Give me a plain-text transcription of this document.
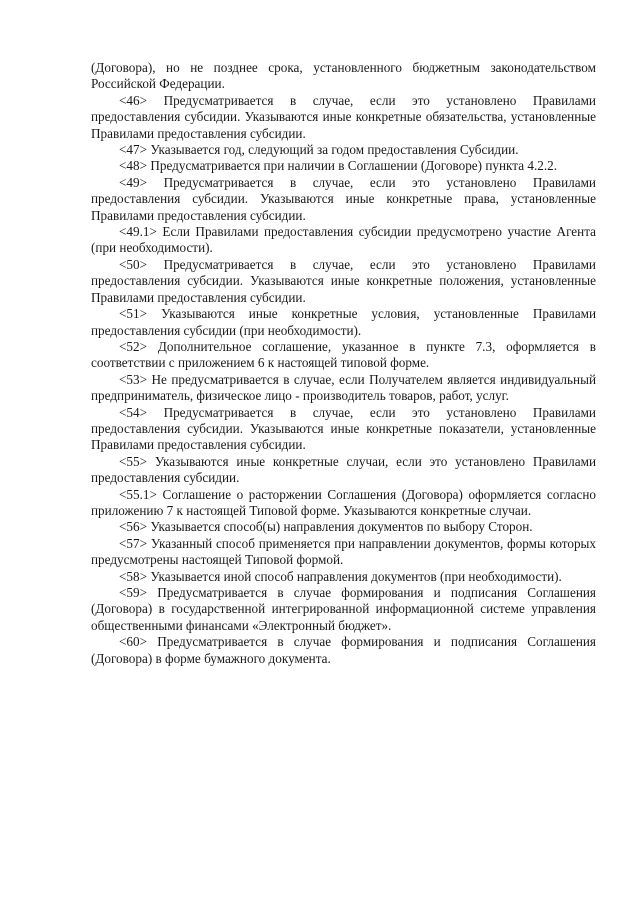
(Договора), но не позднее срока, установленного бюджетным законодательством Российской Федерации.

<46> Предусматривается в случае, если это установлено Правилами предоставления субсидии. Указываются иные конкретные обязательства, установленные Правилами предоставления субсидии.

<47> Указывается год, следующий за годом предоставления Субсидии.

<48> Предусматривается при наличии в Соглашении (Договоре) пункта 4.2.2.

<49> Предусматривается в случае, если это установлено Правилами предоставления субсидии. Указываются иные конкретные права, установленные Правилами предоставления субсидии.

<49.1> Если Правилами предоставления субсидии предусмотрено участие Агента (при необходимости).

<50> Предусматривается в случае, если это установлено Правилами предоставления субсидии. Указываются иные конкретные положения, установленные Правилами предоставления субсидии.

<51> Указываются иные конкретные условия, установленные Правилами предоставления субсидии (при необходимости).

<52> Дополнительное соглашение, указанное в пункте 7.3, оформляется в соответствии с приложением 6 к настоящей типовой форме.

<53> Не предусматривается в случае, если Получателем является индивидуальный предприниматель, физическое лицо - производитель товаров, работ, услуг.

<54> Предусматривается в случае, если это установлено Правилами предоставления субсидии. Указываются иные конкретные показатели, установленные Правилами предоставления субсидии.

<55> Указываются иные конкретные случаи, если это установлено Правилами предоставления субсидии.

<55.1> Соглашение о расторжении Соглашения (Договора) оформляется согласно приложению 7 к настоящей Типовой форме. Указываются конкретные случаи.

<56> Указывается способ(ы) направления документов по выбору Сторон.

<57> Указанный способ применяется при направлении документов, формы которых предусмотрены настоящей Типовой формой.

<58> Указывается иной способ направления документов (при необходимости).

<59> Предусматривается в случае формирования и подписания Соглашения (Договора) в государственной интегрированной информационной системе управления общественными финансами «Электронный бюджет».

<60> Предусматривается в случае формирования и подписания Соглашения (Договора) в форме бумажного документа.
